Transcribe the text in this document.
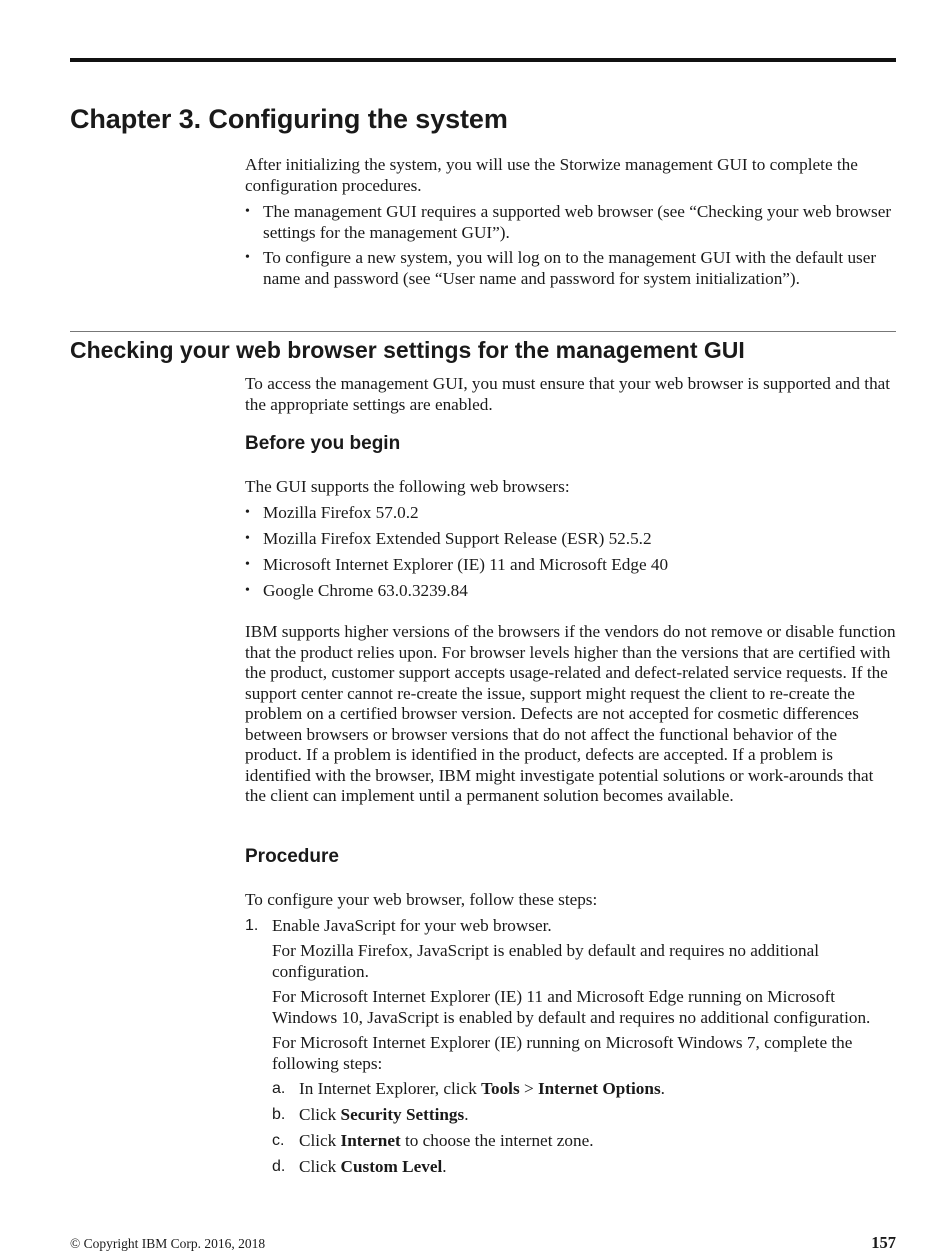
Chapter 3. Configuring the system

After initializing the system, you will use the Storwize management GUI to complete the configuration procedures.

• The management GUI requires a supported web browser (see “Checking your web browser settings for the management GUI”).
• To configure a new system, you will log on to the management GUI with the default user name and password (see “User name and password for system initialization”).
Checking your web browser settings for the management GUI

To access the management GUI, you must ensure that your web browser is supported and that the appropriate settings are enabled.

Before you begin

The GUI supports the following web browsers:

• Mozilla Firefox 57.0.2
• Mozilla Firefox Extended Support Release (ESR) 52.5.2
• Microsoft Internet Explorer (IE) 11 and Microsoft Edge 40
• Google Chrome 63.0.3239.84

IBM supports higher versions of the browsers if the vendors do not remove or disable function that the product relies upon. For browser levels higher than the versions that are certified with the product, customer support accepts usage-related and defect-related service requests. If the support center cannot re-create the issue, support might request the client to re-create the problem on a certified browser version. Defects are not accepted for cosmetic differences between browsers or browser versions that do not affect the functional behavior of the product. If a problem is identified in the product, defects are accepted. If a problem is identified with the browser, IBM might investigate potential solutions or work-arounds that the client can implement until a permanent solution becomes available.

Procedure

To configure your web browser, follow these steps:

1. Enable JavaScript for your web browser.

For Mozilla Firefox, JavaScript is enabled by default and requires no additional configuration.

For Microsoft Internet Explorer (IE) 11 and Microsoft Edge running on Microsoft Windows 10, JavaScript is enabled by default and requires no additional configuration.

For Microsoft Internet Explorer (IE) running on Microsoft Windows 7, complete the following steps:

a. In Internet Explorer, click Tools > Internet Options.
b. Click Security Settings.
c. Click Internet to choose the internet zone.
d. Click Custom Level.
© Copyright IBM Corp. 2016, 2018	157
